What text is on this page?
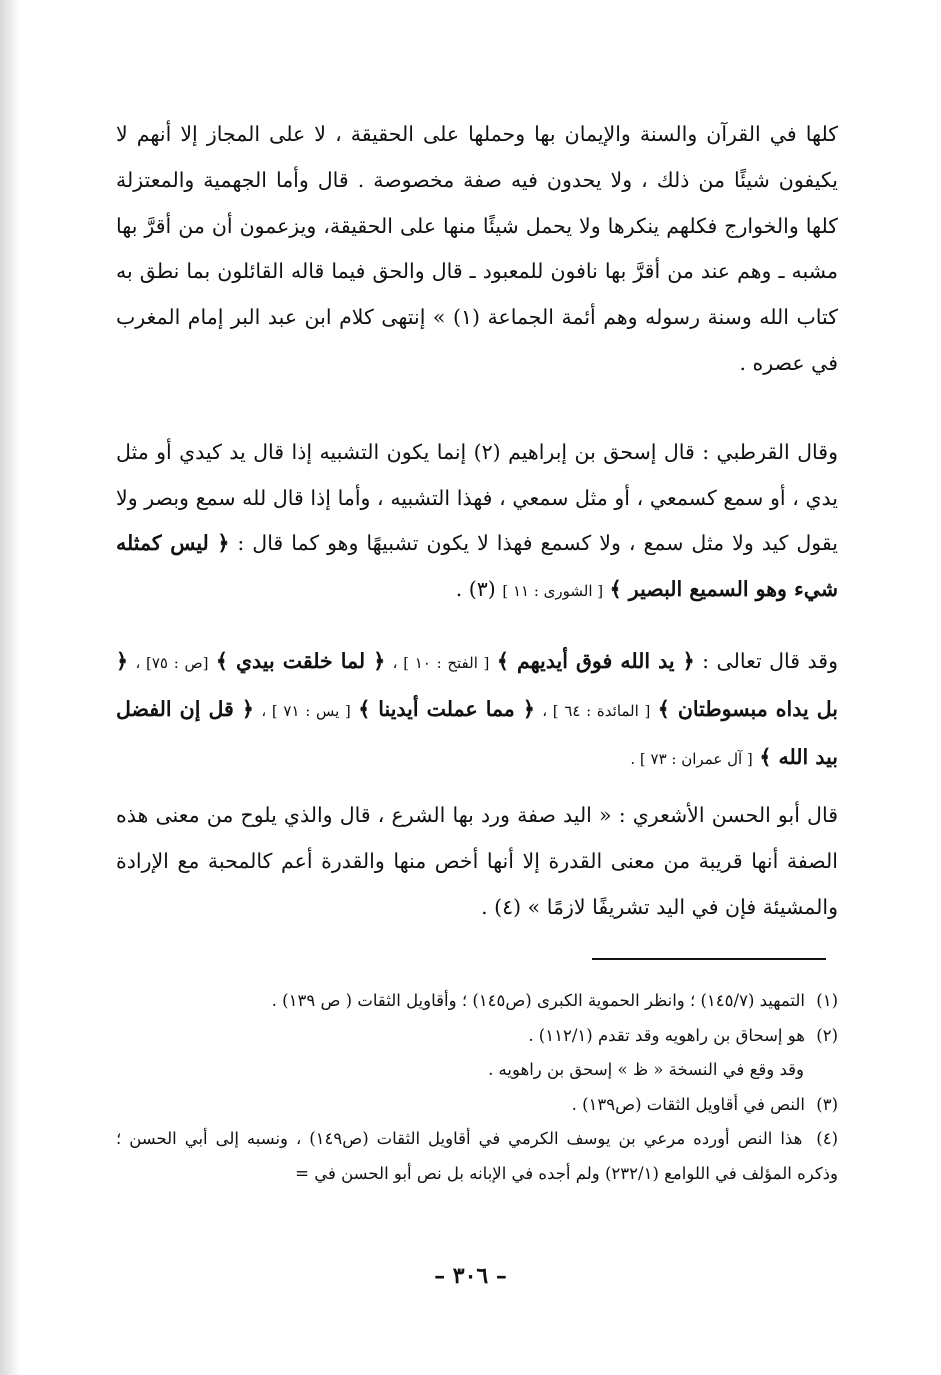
كلها في القرآن والسنة والإيمان بها وحملها على الحقيقة ، لا على المجاز إلا أنهم لا يكيفون شيئًا من ذلك ، ولا يحدون فيه صفة مخصوصة . قال وأما الجهمية والمعتزلة كلها والخوارج فكلهم ينكرها ولا يحمل شيئًا منها على الحقيقة، ويزعمون أن من أقرَّ بها مشبه ـ وهم عند من أقرَّ بها نافون للمعبود ـ قال والحق فيما قاله القائلون بما نطق به كتاب الله وسنة رسوله وهم أئمة الجماعة (١) » إنتهى كلام ابن عبد البر إمام المغرب في عصره .

وقال القرطبي : قال إسحق بن إبراهيم (٢) إنما يكون التشبيه إذا قال يد كيدي أو مثل يدي ، أو سمع كسمعي ، أو مثل سمعي ، فهذا التشبيه ، وأما إذا قال لله سمع وبصر ولا يقول كيد ولا مثل سمع ، ولا كسمع فهذا لا يكون تشبيهًا وهو كما قال : ﴿ ليس كمثله شيء وهو السميع البصير ﴾ [ الشورى : ١١ ] (٣) .

وقد قال تعالى : ﴿ يد الله فوق أيديهم ﴾ [ الفتح : ١٠ ] ، ﴿ لما خلقت بيدي ﴾ [ص : ٧٥] ، ﴿ بل يداه مبسوطتان ﴾ [ المائدة : ٦٤ ] ، ﴿ مما عملت أيدينا ﴾ [ يس : ٧١ ] ، ﴿ قل إن الفضل بيد الله ﴾ [ آل عمران : ٧٣ ] .

قال أبو الحسن الأشعري : « اليد صفة ورد بها الشرع ، قال والذي يلوح من معنى هذه الصفة أنها قريبة من معنى القدرة إلا أنها أخص منها والقدرة أعم كالمحبة مع الإرادة والمشيئة فإن في اليد تشريفًا لازمًا » (٤) .

(١) التمهيد (١٤٥/٧) ؛ وانظر الحموية الكبرى (ص١٤٥) ؛ وأقاويل الثقات ( ص ١٣٩) .
(٢) هو إسحاق بن راهويه وقد تقدم (١١٢/١) .
وقد وقع في النسخة « ظ » إسحق بن راهويه .
(٣) النص في أقاويل الثقات (ص١٣٩) .
(٤) هذا النص أورده مرعي بن يوسف الكرمي في أقاويل الثقات (ص١٤٩) ، ونسبه إلى أبي الحسن ؛ وذكره المؤلف في اللوامع (٢٣٢/١) ولم أجده في الإبانه بل نص أبو الحسن في =
– ٣٠٦ –
